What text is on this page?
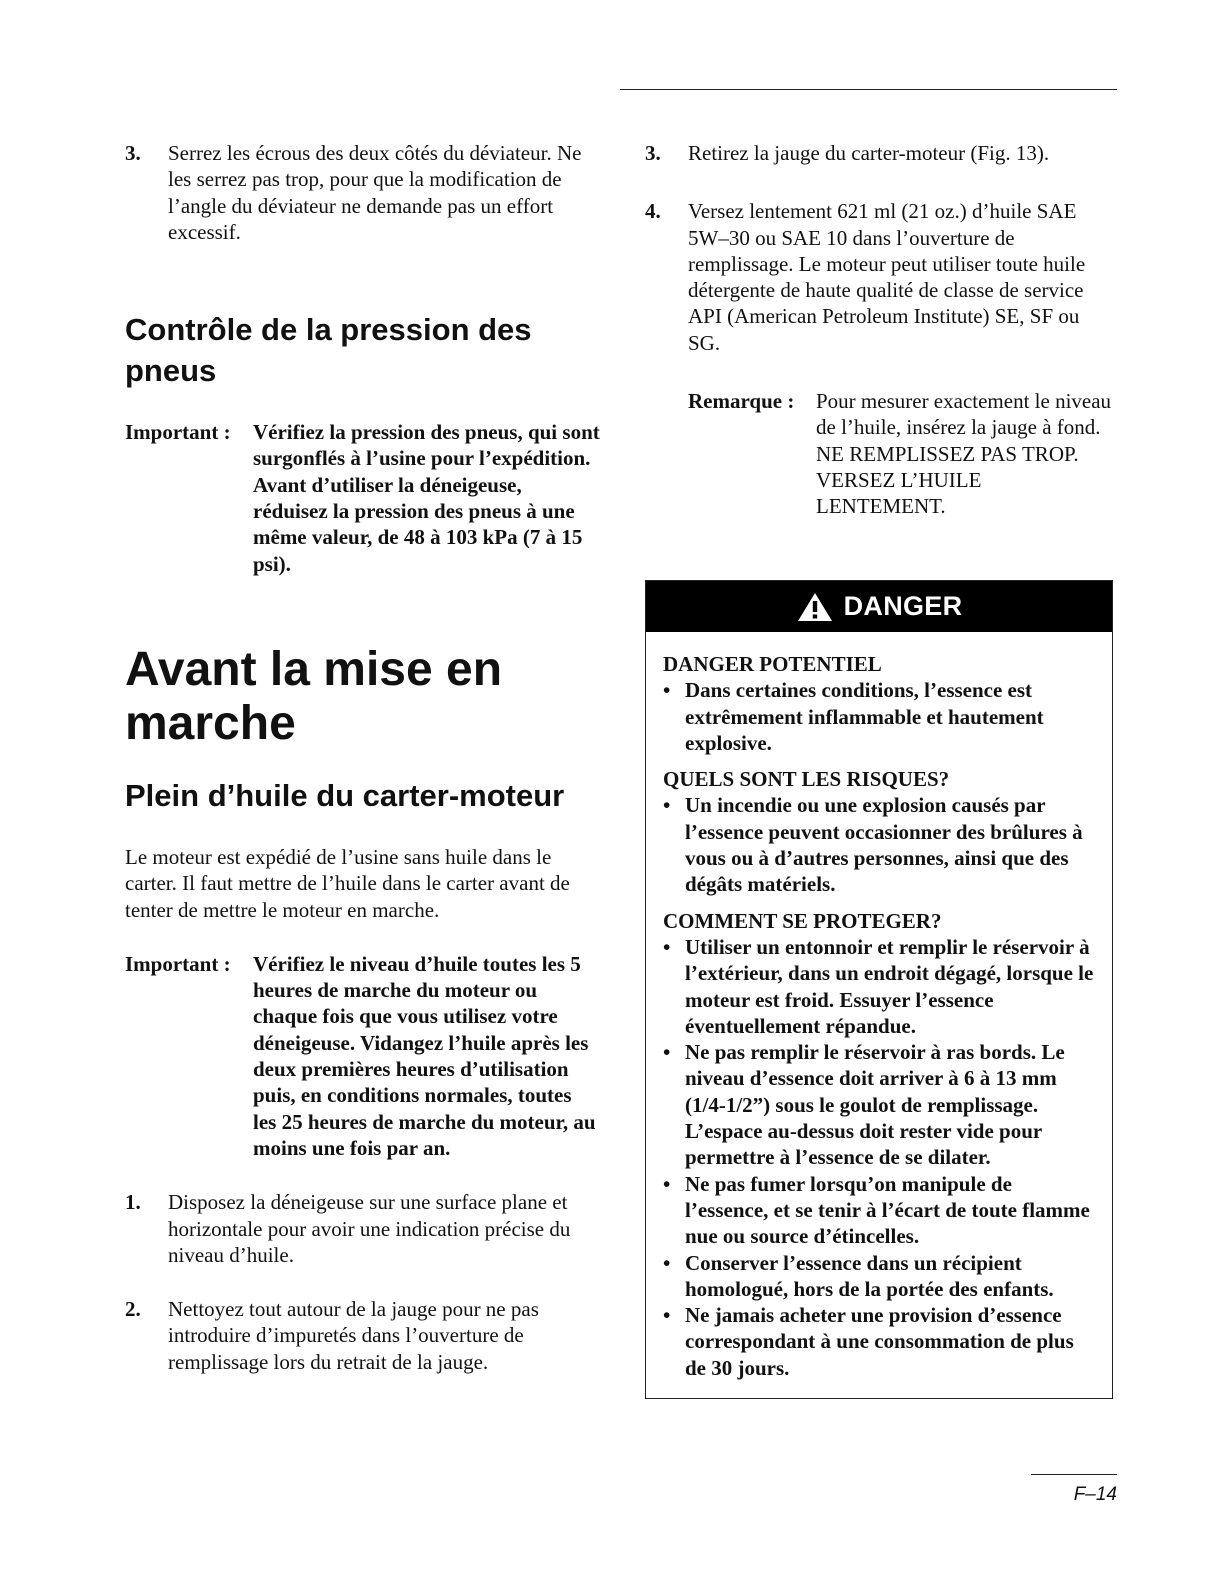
3.	Serrez les écrous des deux côtés du déviateur. Ne les serrez pas trop, pour que la modification de l’angle du déviateur ne demande pas un effort excessif.
Contrôle de la pression des pneus
Important :	Vérifiez la pression des pneus, qui sont surgonflés à l’usine pour l’expédition. Avant d’utiliser la déneigeuse, réduisez la pression des pneus à une même valeur, de 48 à 103 kPa (7 à 15 psi).
Avant la mise en marche
Plein d’huile du carter-moteur
Le moteur est expédié de l’usine sans huile dans le carter. Il faut mettre de l’huile dans le carter avant de tenter de mettre le moteur en marche.
Important :	Vérifiez le niveau d’huile toutes les 5 heures de marche du moteur ou chaque fois que vous utilisez votre déneigeuse. Vidangez l’huile après les deux premières heures d’utilisation puis, en conditions normales, toutes les 25 heures de marche du moteur, au moins une fois par an.
1.	Disposez la déneigeuse sur une surface plane et horizontale pour avoir une indication précise du niveau d’huile.
2.	Nettoyez tout autour de la jauge pour ne pas introduire d’impuretés dans l’ouverture de remplissage lors du retrait de la jauge.
3.	Retirez la jauge du carter-moteur (Fig. 13).
4.	Versez lentement 621 ml (21 oz.) d’huile SAE 5W–30 ou SAE 10 dans l’ouverture de remplissage. Le moteur peut utiliser toute huile détergente de haute qualité de classe de service API (American Petroleum Institute) SE, SF ou SG.
Remarque :	Pour mesurer exactement le niveau de l’huile, insérez la jauge à fond. NE REMPLISSEZ PAS TROP. VERSEZ L’HUILE LENTEMENT.
DANGER
DANGER POTENTIEL
• Dans certaines conditions, l’essence est extrêmement inflammable et hautement explosive.
QUELS SONT LES RISQUES?
• Un incendie ou une explosion causés par l’essence peuvent occasionner des brûlures à vous ou à d’autres personnes, ainsi que des dégâts matériels.
COMMENT SE PROTEGER?
• Utiliser un entonnoir et remplir le réservoir à l’extérieur, dans un endroit dégagé, lorsque le moteur est froid. Essuyer l’essence éventuellement répandue.
• Ne pas remplir le réservoir à ras bords. Le niveau d’essence doit arriver à 6 à 13 mm (1/4-1/2”) sous le goulot de remplissage. L’espace au-dessus doit rester vide pour permettre à l’essence de se dilater.
• Ne pas fumer lorsqu’on manipule de l’essence, et se tenir à l’écart de toute flamme nue ou source d’étincelles.
• Conserver l’essence dans un récipient homologué, hors de la portée des enfants.
• Ne jamais acheter une provision d’essence correspondant à une consommation de plus de 30 jours.
F–14
